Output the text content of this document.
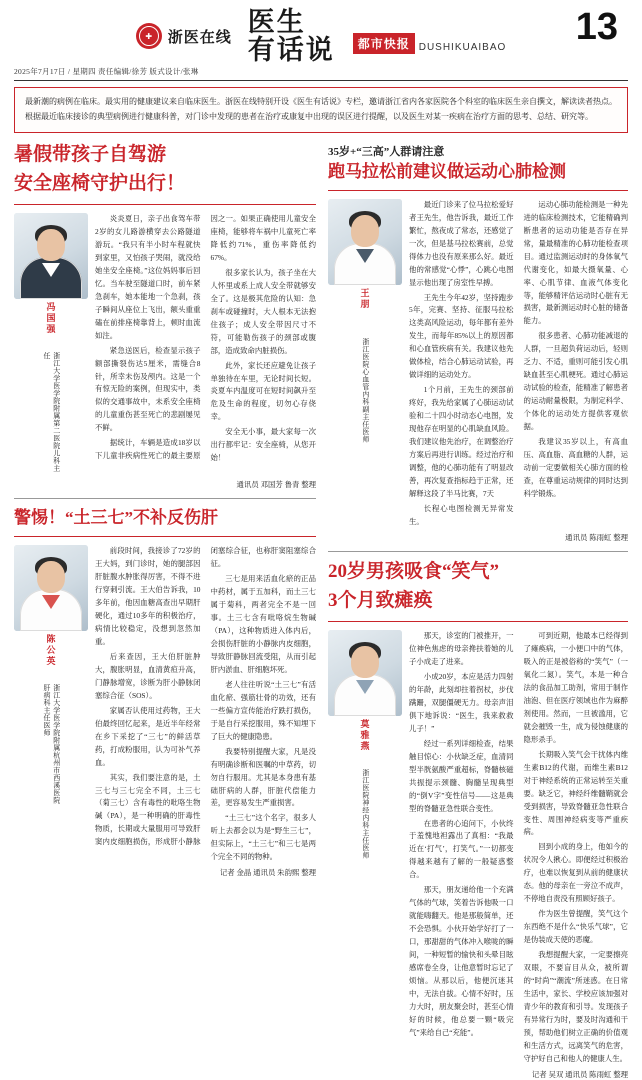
✚	浙医在线
医生
有话说	都市快报 DUSHIKUAIBAO 13
2025年7月17日 / 星期四 责任编辑/徐芳 版式设计/张琳
最新潮的病例在临床。最实用的健康建议来自临床医生。浙医在线特别开设《医生有话说》专栏，邀请浙江省内各家医院各个科室的临床医生亲自撰文，解读读者热点。根据最近临床接诊的典型病例进行健康科普，对门诊中发现的患者在治疗或康复中出现的误区进行提醒，以及医生对某一疾病在治疗方面的思考、总结、研究等。
暑假带孩子自驾游
安全座椅守护出行！
冯国强
浙江大学医学院附属第二医院儿科主任

炎炎夏日，亲子出食驾车带2岁的女儿路游横穿去公路隧道游玩。“我只有半小时车程就快到家里，又怕孩子哭闹，就没给她坐安全座椅。”这位妈妈事后回忆。当车驶至隧道口时，前车紧急刹车，她本能地一个急刹，孩子瞬间从座位上飞出，额头重重磕在前排座椅靠背上，顿时血流如注。

紧急送医后，检查显示孩子额部撕裂伤达5厘米，需缝合8针，所幸未伤及颅内。这是一个有惊无险的案例，但现实中，类似的交通事故中，未系安全座椅的儿童重伤甚至死亡的悲剧屡见不鲜。

据统计，车辆是造成18岁以下儿童非疾病性死亡的最主要原因之一。如果正确使用儿童安全座椅，能够将车祸中儿童死亡率降低约71%，重伤率降低约67%。

很多家长认为，孩子坐在大人怀里或系上成人安全带就够安全了。这是极其危险的认知：急刹车或碰撞时，大人根本无法抱住孩子；成人安全带因尺寸不符，可能勒伤孩子的颈部或腹部，造成致命内脏损伤。

此外，家长还应避免让孩子单独待在车里，无论时间长短。炎夏车内温度可在短时间飙升至危及生命的程度，切勿心存侥幸。

安全无小事，最大家每一次出行都牢记：安全座椅，从您开始！

通讯员 邓国芳 鲁青 整理
警惕！“土三七”不补反伤肝
陈公英
浙江大学医学院附属杭州市西溪医院肝病科主任医师

前段时间，我接诊了72岁的王大妈，到门诊时，她的腿部因肝脏腹水肿胀得厉害，不得不进行穿刺引流。王大伯告诉我，10多年前，他因血糖高查出早期肝硬化，通过10多年的积极治疗，病情比较稳定，没想到忽然加重。

后来查因，王大伯肝脏肿大，腹胀明显，血清黄疸升高，门静脉增宽，诊断为肝小静脉闭塞综合征（SOS）。

家属否认使用过药物，王大伯最终回忆起来，是近半年经常在乡下采挖了“三七”的鲜活草药，打成粉服用，认为可补气养血。

其实，我们要注意的是，土三七与三七完全不同，土三七（菊三七）含有毒性的吡咯生物碱（PA），是一种明确的肝毒性物质，长期或大量服用可导致肝窦内皮细胞损伤，形成肝小静脉闭塞综合征，也称肝窦阻塞综合征。

三七是用来活血化瘀的正品中药材，属于五加科，而土三七属于菊科，两者完全不是一回事。土三七含有吡咯烷生物碱（PA），这种物质进入体内后，会损伤肝脏的小静脉内皮细胞，导致肝静脉回流受阻，从而引起肝内淤血、肝细胞坏死。

老人往往听说“土三七”有活血化瘀、强筋壮骨的功效，还有一些偏方宣传能治疗跌打损伤，于是自行采挖服用，殊不知埋下了巨大的健康隐患。

我要特别提醒大家，凡是没有明确诊断和医嘱的中草药，切勿自行服用。尤其是本身患有基础肝病的人群，肝脏代偿能力差，更容易发生严重损害。

“土三七”这个名字，很多人听上去都会以为是“野生三七”，但实际上，“土三七”和三七是两个完全不同的物种。

记者 金晶 通讯员 朱韵熙 整理
35岁+“三高”人群请注意
跑马拉松前建议做运动心肺检测
王朋
浙江医院心血管内科副主任医师

最近门诊来了位马拉松爱好者王先生，他告诉我，最近工作繁忙，熬夜成了常态，还感觉了一次，但是基马拉松赛前，总觉得体力也没有原来那么好。最近他的常感觉“心悸”，心跳心电图显示他出现了房室性早搏。

王先生今年42岁，坚持跑步5年，完赛、坚持、征服马拉松这类高风险运动，每年都有差外发生，而每年85%以上的原因都和心血管疾病有关。我建议他先做体检，结合心肺运动试验，再做详细的运动处方。

1个月前，王先生的颈部前疼好，我先给家属了心肺运动试验和二十四小时动态心电图，发现他存在明显的心肌缺血风险。我们建议他先治疗，在调整治疗方案后再进行训练。经过治疗和调整，他的心肺功能有了明显改善，再次复查指标趋于正常，还解释这段了半马比赛，7天

长程心电图检测无异常发生。

运动心肺功能检测是一种先进的临床检测技术，它能精确判断患者的运动功能是否存在异常，量最精准的心肺功能检查项目。通过监测运动时的身体氧气代谢变化，如最大摄氧量、心率、心肌节律、血液气体变化等，能够精评估运动时心脏有无损害，最新测运动时心脏的储备能力。

很多患者、心肺功能减退的人群，一旦超负荷运动后，轻则乏力、不适，重则可能引发心肌缺血甚至心肌梗死。通过心肺运动试验的检查，能精准了解患者的运动耐量极限，为制定科学、个体化的运动处方提供客观依据。

我建议35岁以上，有高血压、高血脂、高血糖的人群，运动前一定要做相关心肺方面的检查，在尊重运动规律的同时达到科学锻炼。

通讯员 陈雨虹 整理
20岁男孩吸食“笑气”
3个月致瘫痪
莫雅燕
浙江医院神经内科主任医师

那天，诊室的门被推开，一位神色焦虑的母亲搀扶着她的儿子小成走了进来。

小成20岁，本应是活力四射的年龄，此刻却拄着拐杖，步伐蹒跚，双腿僵硬无力。母亲声泪俱下地诉说：“医生，我来救救儿子！”

经过一系列详细检查，结果触目惊心：小伙缺乏症，血清同型半胱氨酸严重超标，脊髓核磁共振提示颈髓、胸髓呈现典型的“倒V字”变性信号——这是典型的脊髓亚急性联合变性。

在患者的心追问下，小伙终于羞愧地袒露出了真相：“我最近在‘打气’，打笑气。”一切都变得越来越有了解的一般疑惑整合。

那天，朋友递给他一个充满气体的气球，笑着告诉他吸一口就能嗨翻天。他是那般简单，还不会恐惧。小伙开始学好打了一口，那甜甜的气体冲入喉咙的瞬间，一种短暂的愉快和头晕目眩感席卷全身，让他意暂时忘记了烦恼。从那以后，他便沉迷其中，无法自拔。心情不好时，压力大时，朋友聚会时，甚至心情好的时候，他总要一颗“吸完气”来给自己“充能”。

可到近期，他最本已经得到了瘫痪病，一小便口中的气体，吸入的正是被俗称的“笑气”（一氧化二氮）。笑气，本是一种合法的食品加工助剂，常用于制作油泡、但在医疗领域也作为麻醉剂使用。然而，一旦被滥用，它就会摧毁一生，成为侵蚀健康的隐形杀手。

长期吸入笑气会干扰体内维生素B12的代谢，而维生素B12对于神经系统的正常运转至关重要。缺乏它，神经纤维髓鞘就会受到损害，导致脊髓亚急性联合变性、周围神经病变等严重疾病。

回到小成的身上，他如今的状况令人揪心。即便经过积极治疗，也难以恢复到从前的健康状态。他的母亲在一旁泣不成声，不停地自责没有照顾好孩子。

作为医生曾提醒，笑气这个东西绝不是什么“快乐气球”，它是伪装成天使的恶魔。

我想提醒大家，一定要擦亮双眼，不要盲目从众，被所谓的“时尚”“潮流”所迷惑。在日常生活中，家长、学校应该加强对青少年的教育和引导。发现孩子有异常行为时，要及时沟通和干预，帮助他们树立正确的价值观和生活方式，远离笑气的危害，守护好自己和他人的健康人生。

记者 吴双 通讯员 陈雨虹 整理
